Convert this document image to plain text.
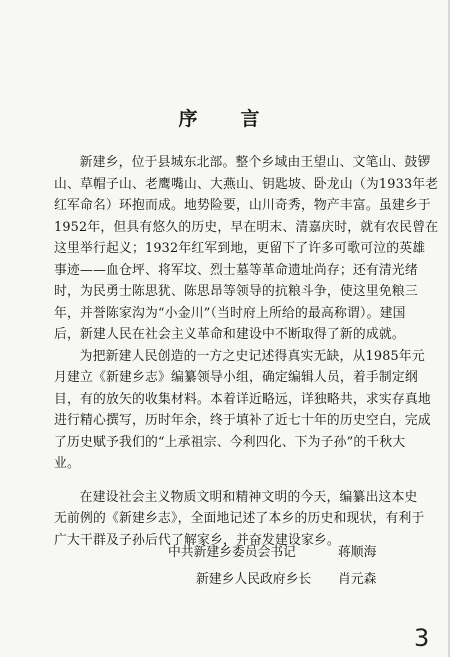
序　言

新建乡，位于县城东北部。整个乡域由王望山、文笔山、鼓锣

山、草帽子山、老鹰嘴山、大燕山、钥匙坡、卧龙山（为1933年老

红军命名）环抱而成。地势险要，山川奇秀，物产丰富。虽建乡于

1952年，但具有悠久的历史，早在明末、清嘉庆时，就有农民曾在

这里举行起义；1932年红军到地，更留下了许多可歌可泣的英雄

事迹——血仓坪、将军坟、烈士墓等革命遗址尚存；还有清光绪

时，为民勇士陈思犹、陈思昂等领导的抗粮斗争，使这里免粮三

年，并誉陈家沟为“小金川”（当时府上所给的最高称谓）。建国

后，新建人民在社会主义革命和建设中不断取得了新的成就。

为把新建人民创造的一方之史记述得真实无缺，从1985年元

月建立《新建乡志》编纂领导小组，确定编辑人员，着手制定纲

目，有的放矢的收集材料。本着详近略远，详独略共，求实存真地

进行精心撰写，历时年余，终于填补了近七十年的历史空白，完成

了历史赋予我们的“上承祖宗、今利四化、下为子孙”的千秋大

业。

在建设社会主义物质文明和精神文明的今天，编纂出这本史

无前例的《新建乡志》，全面地记述了本乡的历史和现状，有利于

广大干群及子孙后代了解家乡，并奋发建设家乡。

中共新建乡委员会书记	蒋顺海
新建乡人民政府乡长 肖元森
3
